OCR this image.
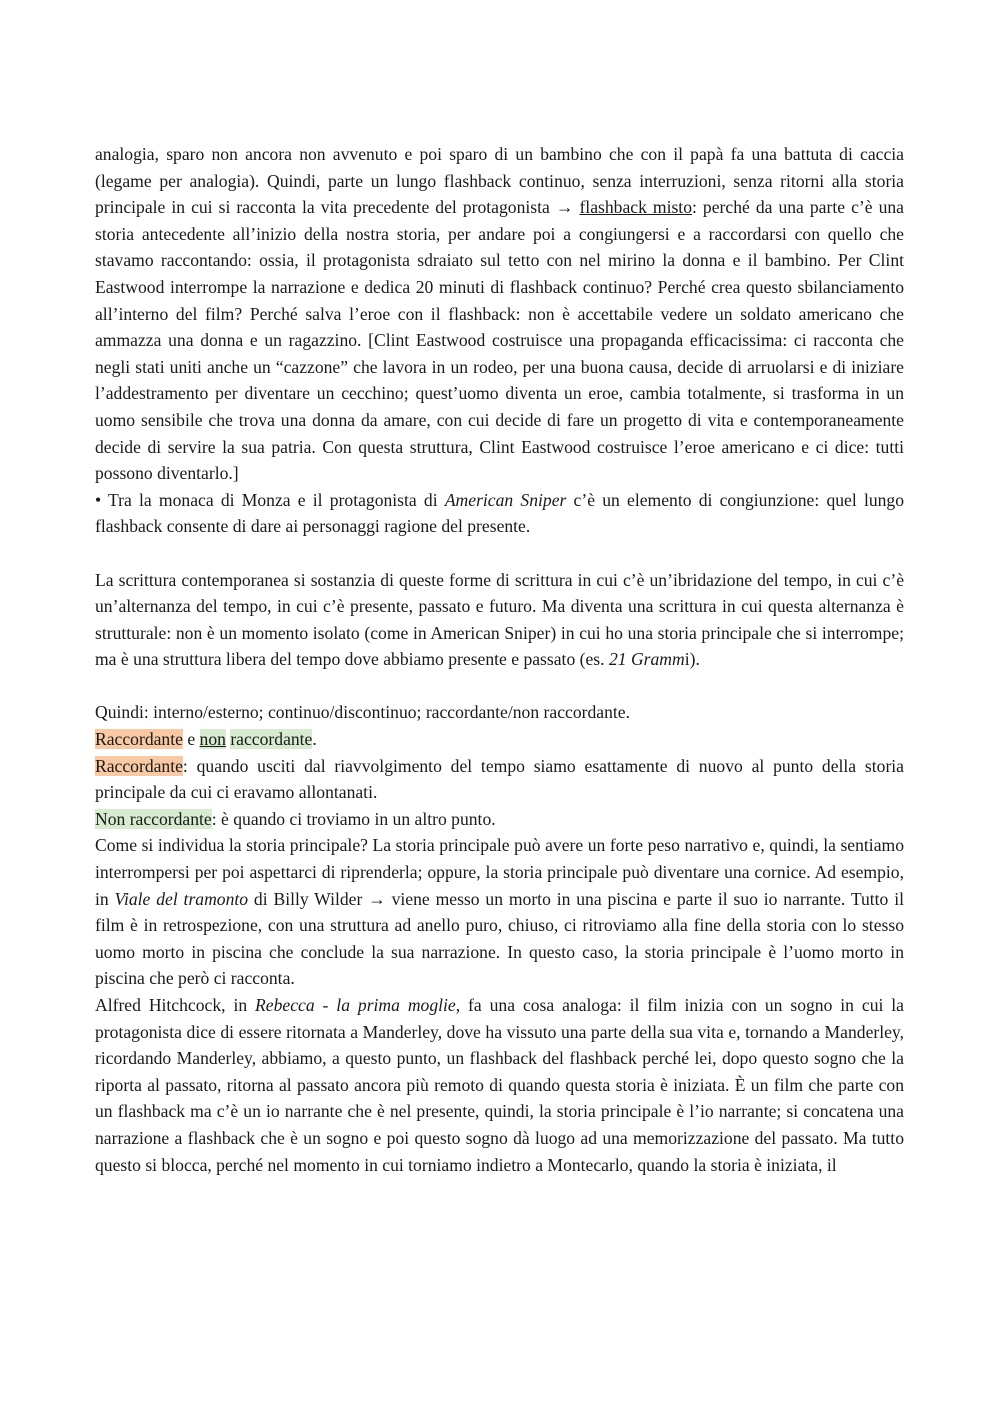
analogia, sparo non ancora non avvenuto e poi sparo di un bambino che con il papà fa una battuta di caccia (legame per analogia). Quindi, parte un lungo flashback continuo, senza interruzioni, senza ritorni alla storia principale in cui si racconta la vita precedente del protagonista → flashback misto: perché da una parte c’è una storia antecedente all’inizio della nostra storia, per andare poi a congiungersi e a raccordarsi con quello che stavamo raccontando: ossia, il protagonista sdraiato sul tetto con nel mirino la donna e il bambino. Per Clint Eastwood interrompe la narrazione e dedica 20 minuti di flashback continuo? Perché crea questo sbilanciamento all’interno del film? Perché salva l’eroe con il flashback: non è accettabile vedere un soldato americano che ammazza una donna e un ragazzino. [Clint Eastwood costruisce una propaganda efficacissima: ci racconta che negli stati uniti anche un “cazzone” che lavora in un rodeo, per una buona causa, decide di arruolarsi e di iniziare l’addestramento per diventare un cecchino; quest’uomo diventa un eroe, cambia totalmente, si trasforma in un uomo sensibile che trova una donna da amare, con cui decide di fare un progetto di vita e contemporaneamente decide di servire la sua patria. Con questa struttura, Clint Eastwood costruisce l’eroe americano e ci dice: tutti possono diventarlo.]

• Tra la monaca di Monza e il protagonista di American Sniper c’è un elemento di congiunzione: quel lungo flashback consente di dare ai personaggi ragione del presente.

La scrittura contemporanea si sostanzia di queste forme di scrittura in cui c’è un’ibridazione del tempo, in cui c’è un’alternanza del tempo, in cui c’è presente, passato e futuro. Ma diventa una scrittura in cui questa alternanza è strutturale: non è un momento isolato (come in American Sniper) in cui ho una storia principale che si interrompe; ma è una struttura libera del tempo dove abbiamo presente e passato (es. 21 Grammi).

Quindi: interno/esterno; continuo/discontinuo; raccordante/non raccordante.

Raccordante e non raccordante.

Raccordante: quando usciti dal riavvolgimento del tempo siamo esattamente di nuovo al punto della storia principale da cui ci eravamo allontanati.

Non raccordante: è quando ci troviamo in un altro punto.

Come si individua la storia principale? La storia principale può avere un forte peso narrativo e, quindi, la sentiamo interrompersi per poi aspettarci di riprenderla; oppure, la storia principale può diventare una cornice. Ad esempio, in Viale del tramonto di Billy Wilder → viene messo un morto in una piscina e parte il suo io narrante. Tutto il film è in retrospezione, con una struttura ad anello puro, chiuso, ci ritroviamo alla fine della storia con lo stesso uomo morto in piscina che conclude la sua narrazione. In questo caso, la storia principale è l’uomo morto in piscina che però ci racconta.

Alfred Hitchcock, in Rebecca - la prima moglie, fa una cosa analoga: il film inizia con un sogno in cui la protagonista dice di essere ritornata a Manderley, dove ha vissuto una parte della sua vita e, tornando a Manderley, ricordando Manderley, abbiamo, a questo punto, un flashback del flashback perché lei, dopo questo sogno che la riporta al passato, ritorna al passato ancora più remoto di quando questa storia è iniziata. È un film che parte con un flashback ma c’è un io narrante che è nel presente, quindi, la storia principale è l’io narrante; si concatena una narrazione a flashback che è un sogno e poi questo sogno dà luogo ad una memorizzazione del passato. Ma tutto questo si blocca, perché nel momento in cui torniamo indietro a Montecarlo, quando la storia è iniziata, il
